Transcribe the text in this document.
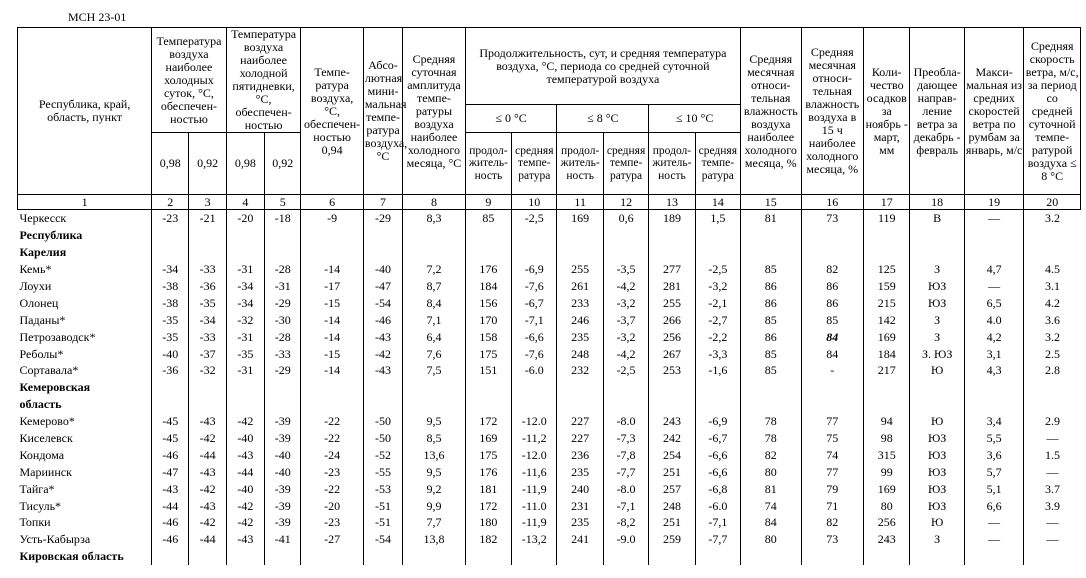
МСН 23-01
Республика, край, область, пункт	Температура воздуха наиболее холодных суток, °С, обеспечен-ностью		Температура воздуха наиболее холодной пятидневки, °С, обеспечен-ностью		Темпе-ратура воздуха, °С, обеспечен-ностью 0,94	Абсо-лютная мини-мальная темпе-ратура воздуха, °С	Средняя суточная амплитуда темпе-ратуры воздуха наиболее холодного месяца, °С	Продолжительность, сут, и средняя температура воздуха, °С, периода со средней суточной температурой воздуха						Средняя месячная относи-тельная влажность воздуха наиболее холодного месяца, %	Средняя месячная относи-тельная влажность воздуха в 15 ч наиболее холодного месяца, %	Коли-чество осадков за ноябрь - март, мм	Преобла-дающее направ-ление ветра за декабрь - февраль	Макси-мальная из средних скоростей ветра по румбам за январь, м/с	Средняя скорость ветра, м/с, за период со средней суточной темпе-ратурой воздуха ≤ 8 °С
								≤ 0 °С		≤ 8 °С		≤ 10 °С							
	0,98	0,92	0,98	0,92				продол-житель-ность	средняя темпе-ратура	продол-житель-ность	средняя темпе-ратура	продол-житель-ность	средняя темпе-ратура						
1	2	3	4	5	6	7	8	9	10	11	12	13	14	15	16	17	18	19	20
Черкесск	-23	-21	-20	-18	-9	-29	8,3	85	-2,5	169	0,6	189	1,5	81	73	119	В	—	3.2
Республика																			
Карелия																			
Кемь*	-34	-33	-31	-28	-14	-40	7,2	176	-6,9	255	-3,5	277	-2,5	85	82	125	З	4,7	4.5
Лоухи	-38	-36	-34	-31	-17	-47	8,7	184	-7,6	261	-4,2	281	-3,2	86	86	159	ЮЗ	—	3.1
Олонец	-38	-35	-34	-29	-15	-54	8,4	156	-6,7	233	-3,2	255	-2,1	86	86	215	ЮЗ	6,5	4.2
Паданы*	-35	-34	-32	-30	-14	-46	7,1	170	-7,1	246	-3,7	266	-2,7	85	85	142	З	4.0	3.6
Петрозаводск*	-35	-33	-31	-28	-14	-43	6,4	158	-6,6	235	-3,2	256	-2,2	86	84	169	З	4,2	3.2
Реболы*	-40	-37	-35	-33	-15	-42	7,6	175	-7,6	248	-4,2	267	-3,3	85	84	184	З. ЮЗ	3,1	2.5
Сортавала*	-36	-32	-31	-29	-14	-43	7,5	151	-6.0	232	-2,5	253	-1,6	85	-	217	Ю	4,3	2.8
Кемеровская																			
область																			
Кемерово*	-45	-43	-42	-39	-22	-50	9,5	172	-12.0	227	-8.0	243	-6,9	78	77	94	Ю	3,4	2.9
Киселевск	-45	-42	-40	-39	-22	-50	8,5	169	-11,2	227	-7,3	242	-6,7	78	75	98	ЮЗ	5,5	—
Кондома	-46	-44	-43	-40	-24	-52	13,6	175	-12.0	236	-7,8	254	-6,6	82	74	315	ЮЗ	3,6	1.5
Мариинск	-47	-43	-44	-40	-23	-55	9,5	176	-11,6	235	-7,7	251	-6,6	80	77	99	ЮЗ	5,7	—
Тайга*	-43	-42	-40	-39	-22	-53	9,2	181	-11,9	240	-8.0	257	-6,8	81	79	169	ЮЗ	5,1	3.7
Тисуль*	-44	-43	-42	-39	-20	-51	9,9	172	-11.0	231	-7,1	248	-6.0	74	71	80	ЮЗ	6,6	3.9
Топки	-46	-42	-42	-39	-23	-51	7,7	180	-11,9	235	-8,2	251	-7,1	84	82	256	Ю	—	—
Усть-Кабырза	-46	-44	-43	-41	-27	-54	13,8	182	-13,2	241	-9.0	259	-7,7	80	73	243	З	—	—
Кировская область																			
